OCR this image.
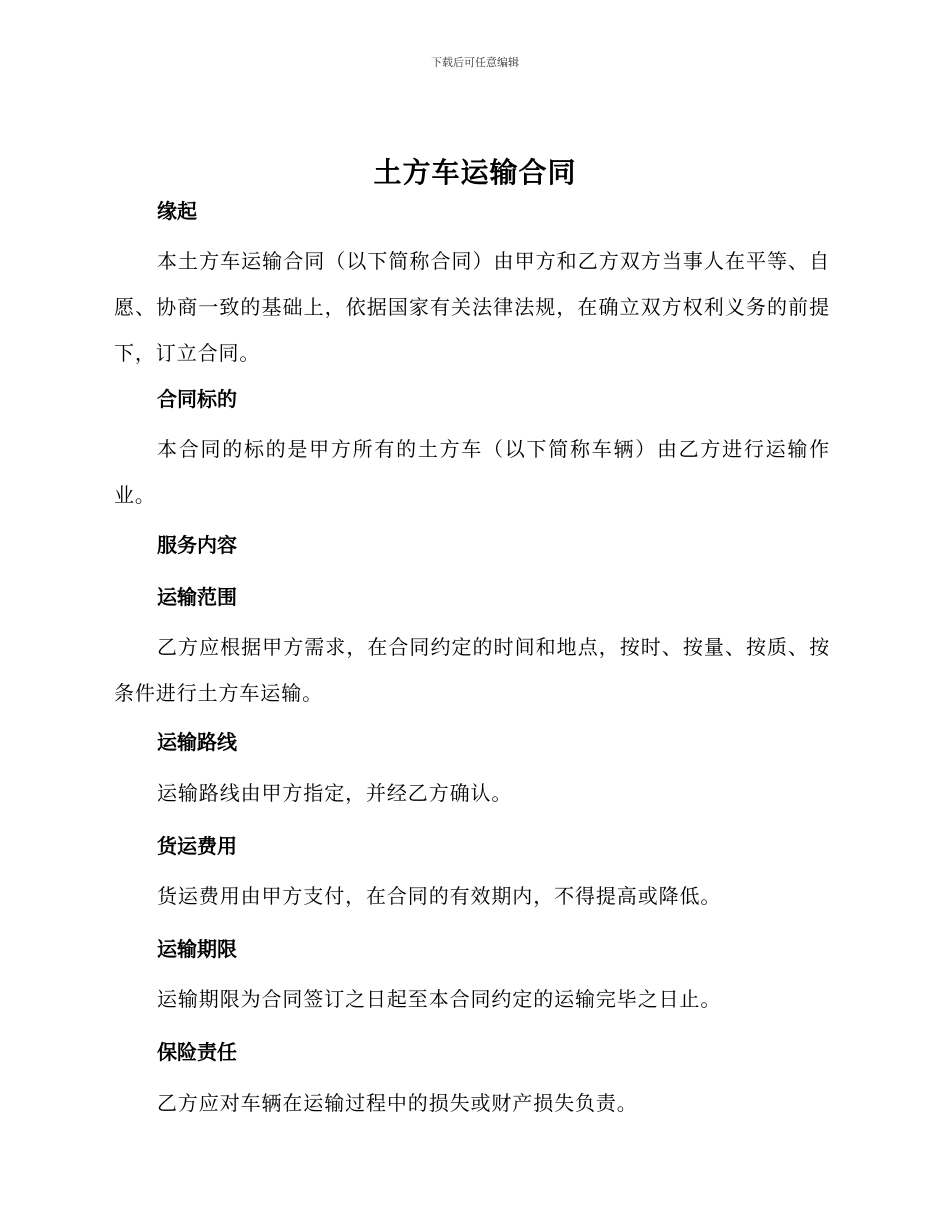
下载后可任意编辑
土方车运输合同
缘起

本土方车运输合同（以下简称合同）由甲方和乙方双方当事人在平等、自愿、协商一致的基础上，依据国家有关法律法规，在确立双方权利义务的前提下，订立合同。

合同标的

本合同的标的是甲方所有的土方车（以下简称车辆）由乙方进行运输作业。

服务内容
运输范围

乙方应根据甲方需求，在合同约定的时间和地点，按时、按量、按质、按条件进行土方车运输。

运输路线

运输路线由甲方指定，并经乙方确认。

货运费用

货运费用由甲方支付，在合同的有效期内，不得提高或降低。

运输期限

运输期限为合同签订之日起至本合同约定的运输完毕之日止。

保险责任

乙方应对车辆在运输过程中的损失或财产损失负责。
